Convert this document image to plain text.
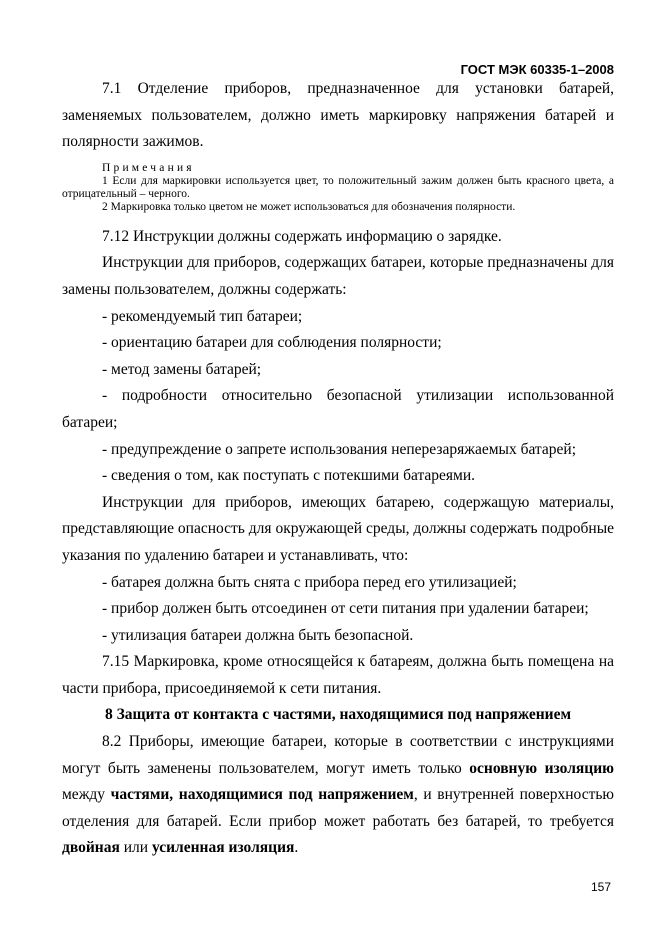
ГОСТ МЭК 60335-1–2008

7.1 Отделение приборов, предназначенное для установки батарей, заменяемых пользователем, должно иметь маркировку напряжения батарей и полярности зажимов.

Примечания
1 Если для маркировки используется цвет, то положительный зажим должен быть красного цвета, а отрицательный – черного.
2 Маркировка только цветом не может использоваться для обозначения полярности.

7.12 Инструкции должны содержать информацию о зарядке.

Инструкции для приборов, содержащих батареи, которые предназначены для замены пользователем, должны содержать:

- рекомендуемый тип батареи;

- ориентацию батареи для соблюдения полярности;

- метод замены батарей;

- подробности относительно безопасной утилизации использованной батареи;

- предупреждение о запрете использования неперезаряжаемых батарей;

- сведения о том, как поступать с потекшими батареями.

Инструкции для приборов, имеющих батарею, содержащую материалы, представляющие опасность для окружающей среды, должны содержать подробные указания по удалению батареи и устанавливать, что:

- батарея должна быть снята с прибора перед его утилизацией;

- прибор должен быть отсоединен от сети питания при удалении батареи;

- утилизация батареи должна быть безопасной.

7.15 Маркировка, кроме относящейся к батареям, должна быть помещена на части прибора, присоединяемой к сети питания.

8 Защита от контакта с частями, находящимися под напряжением

8.2 Приборы, имеющие батареи, которые в соответствии с инструкциями могут быть заменены пользователем, могут иметь только основную изоляцию между частями, находящимися под напряжением, и внутренней поверхностью отделения для батарей. Если прибор может работать без батарей, то требуется двойная или усиленная изоляция.

157
